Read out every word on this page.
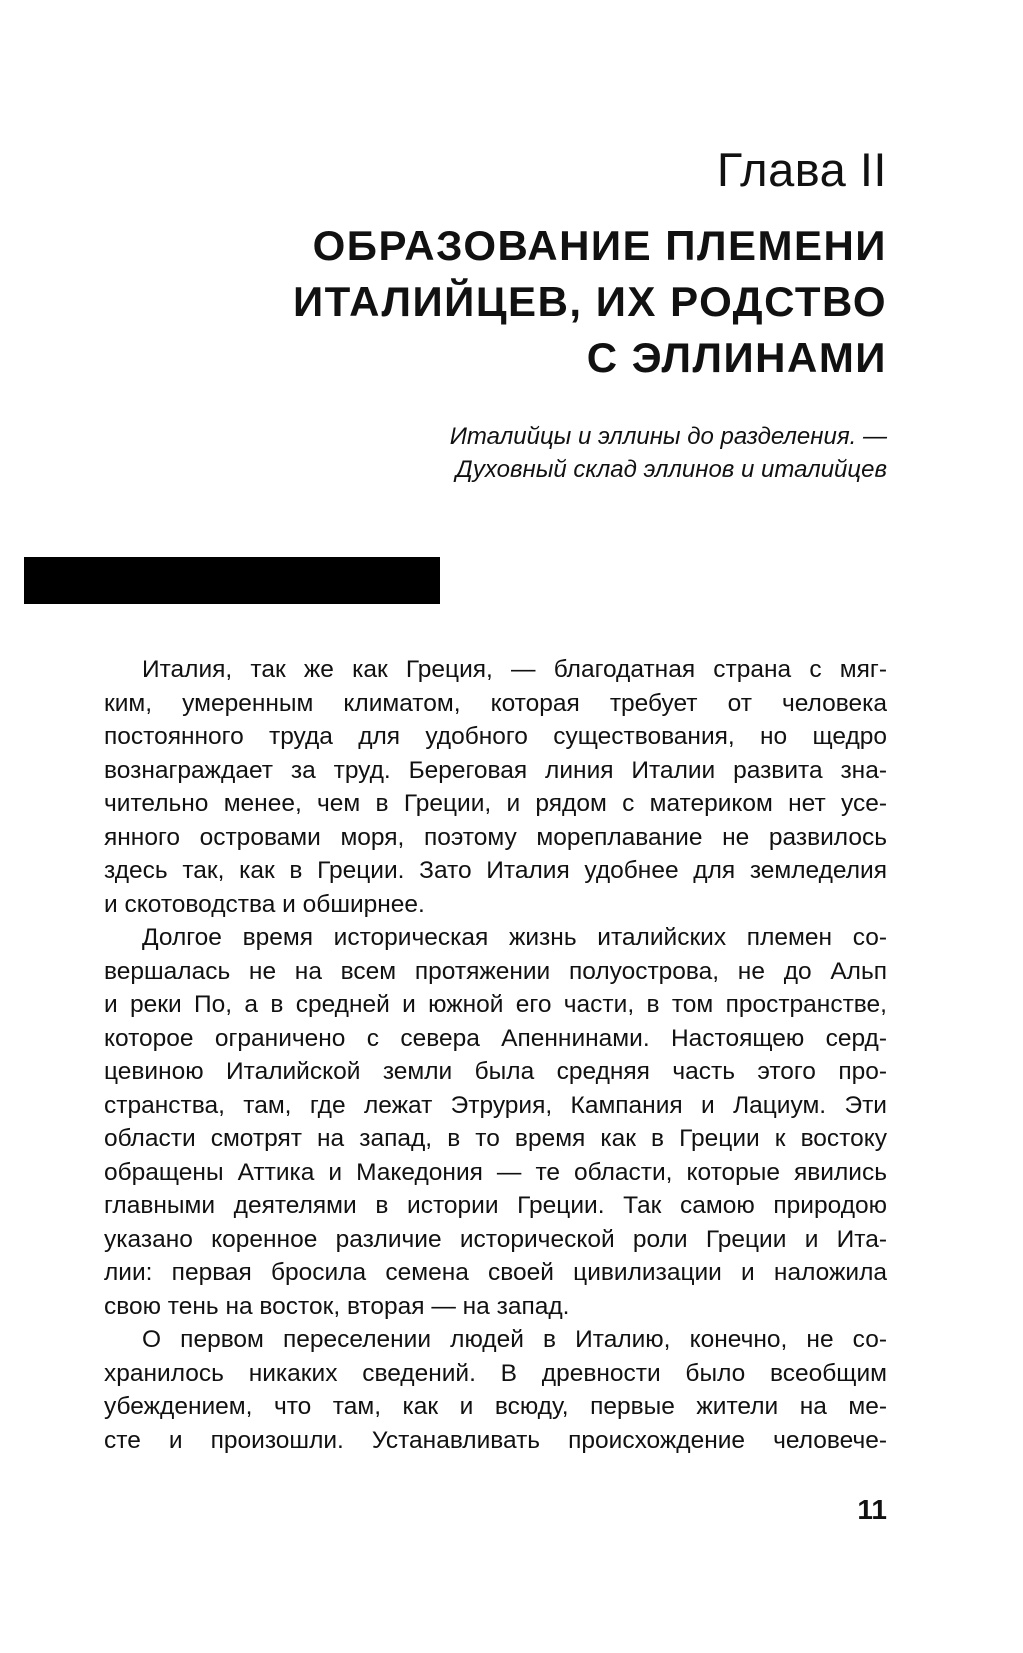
Глава II
ОБРАЗОВАНИЕ ПЛЕМЕНИ
ИТАЛИЙЦЕВ, ИХ РОДСТВО
С ЭЛЛИНАМИ
Италийцы и эллины до разделения. —
Духовный склад эллинов и италийцев
Италия, так же как Греция, — благодатная страна с мяг-
ким, умеренным климатом, которая требует от человека
постоянного труда для удобного существования, но щедро
вознаграждает за труд. Береговая линия Италии развита зна-
чительно менее, чем в Греции, и рядом с материком нет усе-
янного островами моря, поэтому мореплавание не развилось
здесь так, как в Греции. Зато Италия удобнее для земледелия
и скотоводства и обширнее.
Долгое время историческая жизнь италийских племен со-
вершалась не на всем протяжении полуострова, не до Альп
и реки По, а в средней и южной его части, в том пространстве,
которое ограничено с севера Апеннинами. Настоящею серд-
цевиною Италийской земли была средняя часть этого про-
странства, там, где лежат Этрурия, Кампания и Лациум. Эти
области смотрят на запад, в то время как в Греции к востоку
обращены Аттика и Македония — те области, которые явились
главными деятелями в истории Греции. Так самою природою
указано коренное различие исторической роли Греции и Ита-
лии: первая бросила семена своей цивилизации и наложила
свою тень на восток, вторая — на запад.
О первом переселении людей в Италию, конечно, не со-
хранилось никаких сведений. В древности было всеобщим
убеждением, что там, как и всюду, первые жители на ме-
сте и произошли. Устанавливать происхождение человече-
11
